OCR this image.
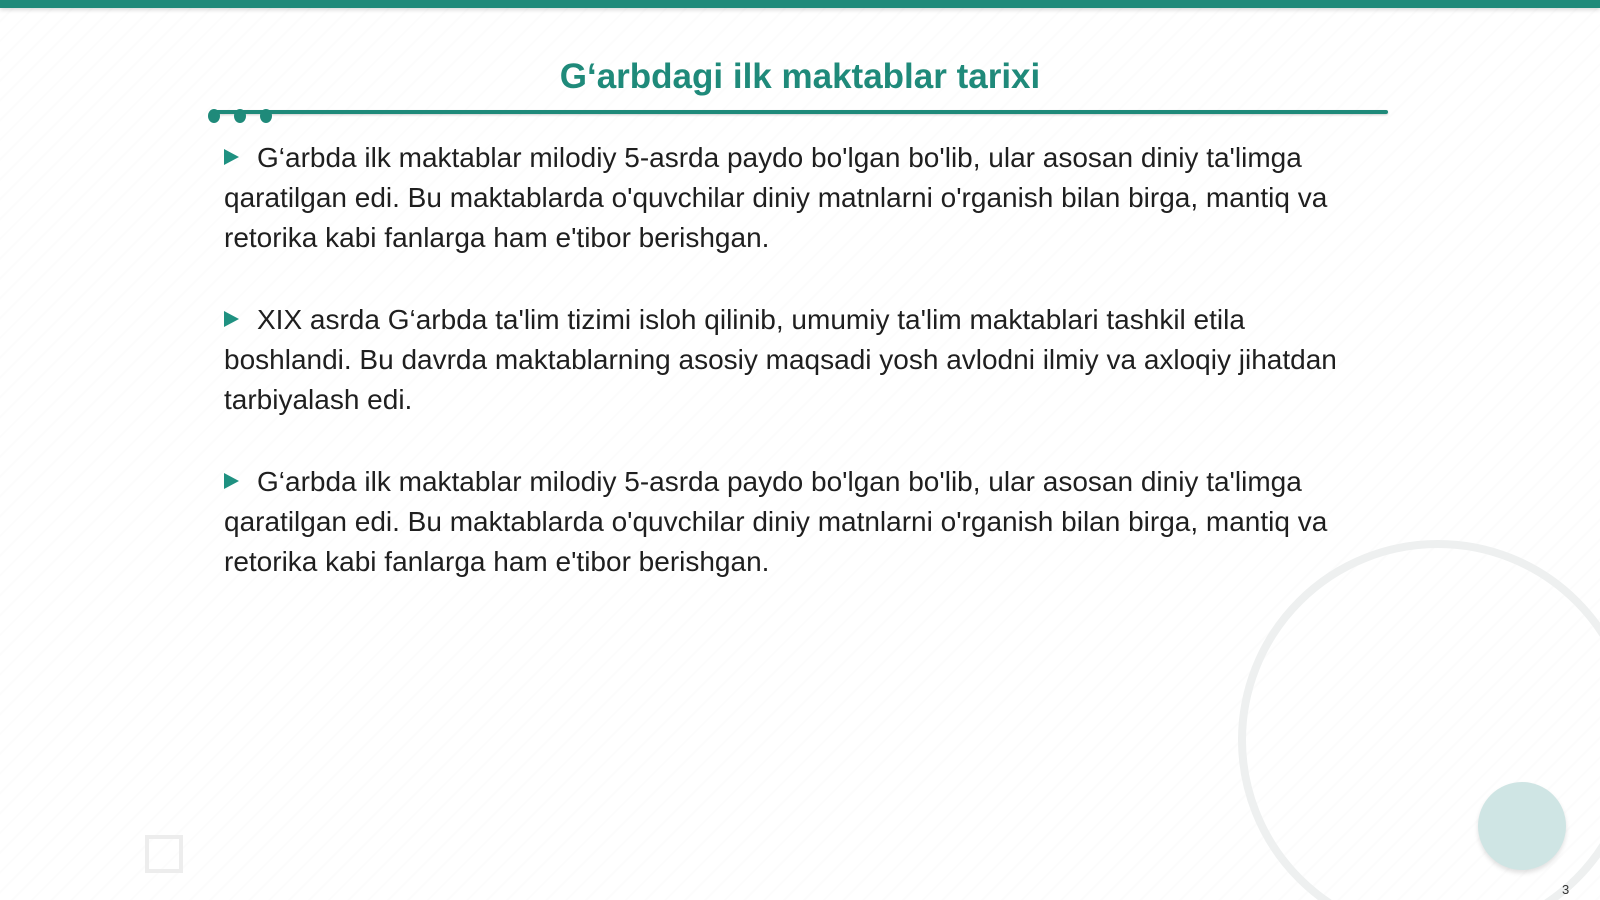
G‘arbdagi ilk maktablar tarixi
G‘arbda ilk maktablar milodiy 5-asrda paydo bo'lgan bo'lib, ular asosan diniy ta'limga qaratilgan edi. Bu maktablarda o'quvchilar diniy matnlarni o'rganish bilan birga, mantiq va retorika kabi fanlarga ham e'tibor berishgan.
XIX asrda G‘arbda ta'lim tizimi isloh qilinib, umumiy ta'lim maktablari tashkil etila boshlandi. Bu davrda maktablarning asosiy maqsadi yosh avlodni ilmiy va axloqiy jihatdan tarbiyalash edi.
G‘arbda ilk maktablar milodiy 5-asrda paydo bo'lgan bo'lib, ular asosan diniy ta'limga qaratilgan edi. Bu maktablarda o'quvchilar diniy matnlarni o'rganish bilan birga, mantiq va retorika kabi fanlarga ham e'tibor berishgan.
3
